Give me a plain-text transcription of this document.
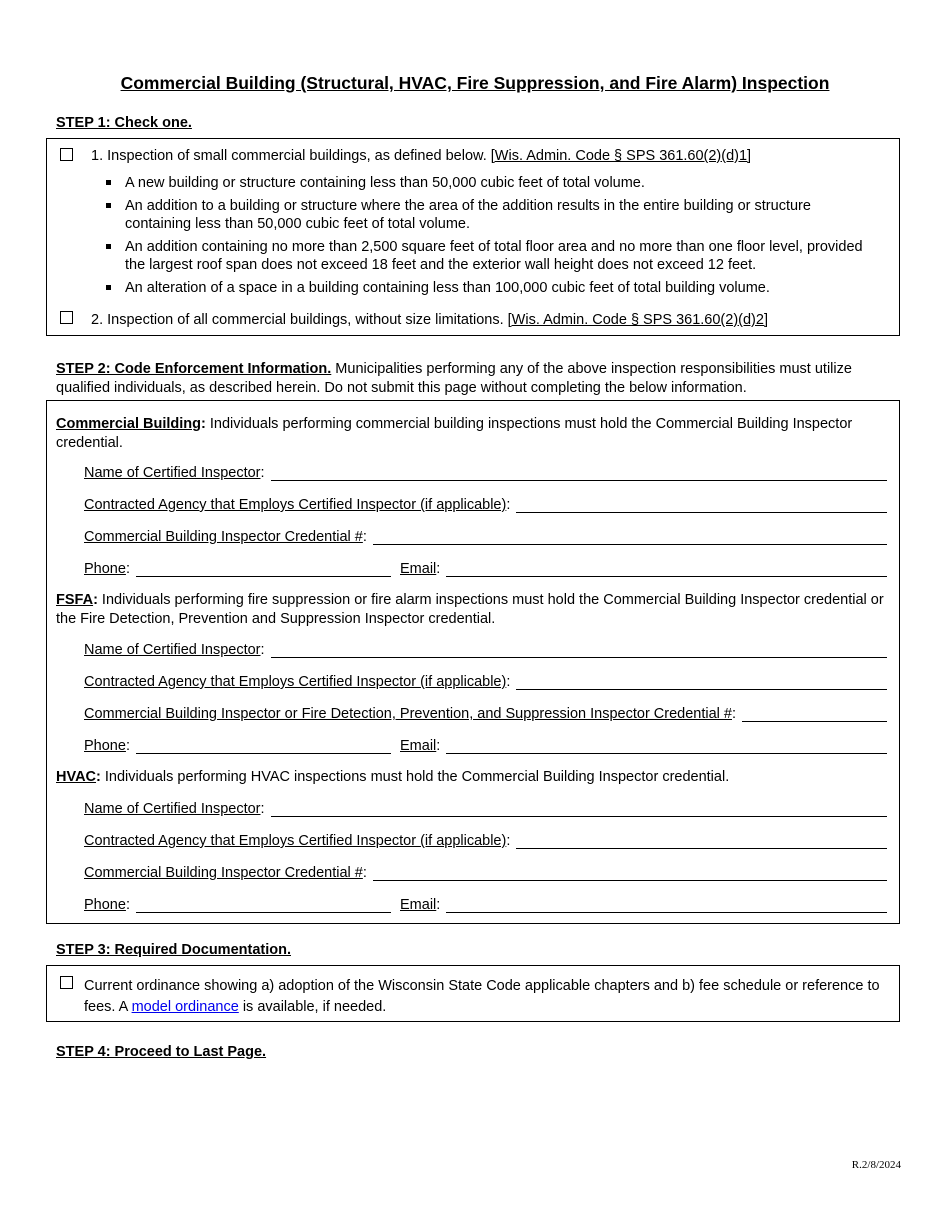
Commercial Building (Structural, HVAC, Fire Suppression, and Fire Alarm) Inspection
STEP 1: Check one.
1. Inspection of small commercial buildings, as defined below. [Wis. Admin. Code § SPS 361.60(2)(d)1]
A new building or structure containing less than 50,000 cubic feet of total volume.
An addition to a building or structure where the area of the addition results in the entire building or structure containing less than 50,000 cubic feet of total volume.
An addition containing no more than 2,500 square feet of total floor area and no more than one floor level, provided the largest roof span does not exceed 18 feet and the exterior wall height does not exceed 12 feet.
An alteration of a space in a building containing less than 100,000 cubic feet of total building volume.
2. Inspection of all commercial buildings, without size limitations. [Wis. Admin. Code § SPS 361.60(2)(d)2]
STEP 2: Code Enforcement Information. Municipalities performing any of the above inspection responsibilities must utilize qualified individuals, as described herein. Do not submit this page without completing the below information.
Commercial Building: Individuals performing commercial building inspections must hold the Commercial Building Inspector credential.
Name of Certified Inspector :
Contracted Agency that Employs Certified Inspector (if applicable) :
Commercial Building Inspector Credential # :
Phone :	Email :
FSFA: Individuals performing fire suppression or fire alarm inspections must hold the Commercial Building Inspector credential or the Fire Detection, Prevention and Suppression Inspector credential.
Name of Certified Inspector :
Contracted Agency that Employs Certified Inspector (if applicable) :
Commercial Building Inspector or Fire Detection, Prevention, and Suppression Inspector Credential # :
Phone :	Email :
HVAC: Individuals performing HVAC inspections must hold the Commercial Building Inspector credential.
Name of Certified Inspector :
Contracted Agency that Employs Certified Inspector (if applicable) :
Commercial Building Inspector Credential # :
Phone :	Email :
STEP 3: Required Documentation.
Current ordinance showing a) adoption of the Wisconsin State Code applicable chapters and b) fee schedule or reference to fees. A model ordinance is available, if needed.
STEP 4: Proceed to Last Page.
R.2/8/2024
